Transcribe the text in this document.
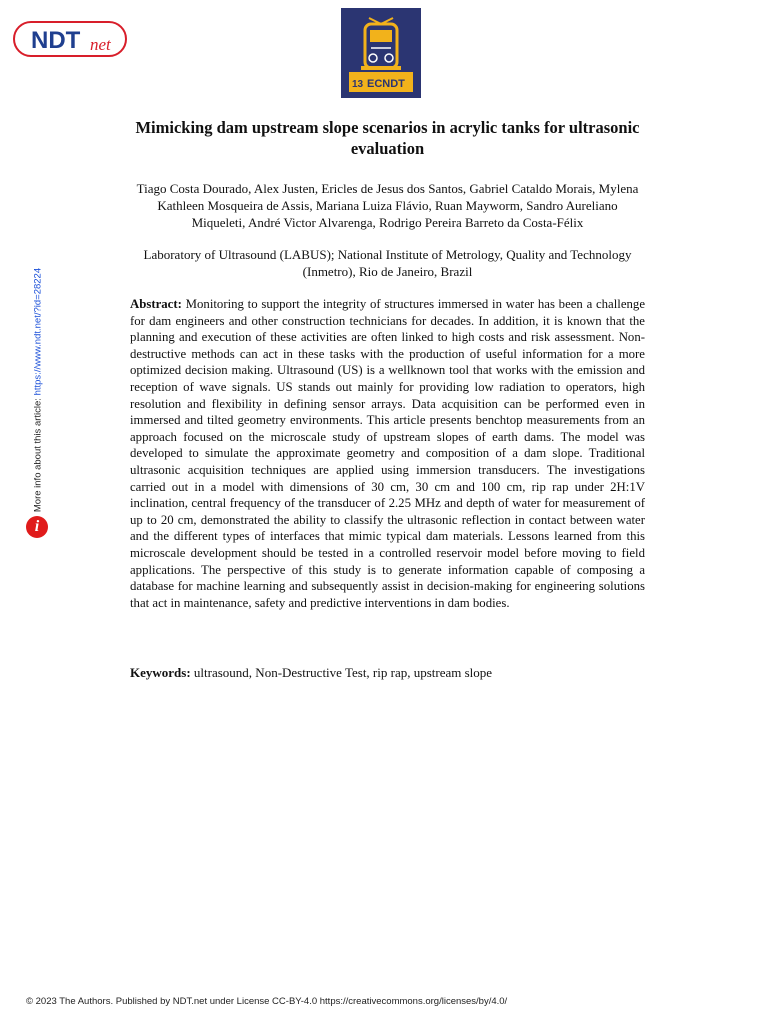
NDT net
13 ECNDT
More info about this article: https://www.ndt.net/?id=28224
i
Mimicking dam upstream slope scenarios in acrylic tanks for ultrasonic evaluation
Tiago Costa Dourado, Alex Justen, Ericles de Jesus dos Santos, Gabriel Cataldo Morais, Mylena Kathleen Mosqueira de Assis, Mariana Luiza Flávio, Ruan Mayworm, Sandro Aureliano Miqueleti, André Victor Alvarenga, Rodrigo Pereira Barreto da Costa-Félix
Laboratory of Ultrasound (LABUS); National Institute of Metrology, Quality and Technology (Inmetro), Rio de Janeiro, Brazil
Abstract: Monitoring to support the integrity of structures immersed in water has been a challenge for dam engineers and other construction technicians for decades. In addition, it is known that the planning and execution of these activities are often linked to high costs and risk assessment. Non-destructive methods can act in these tasks with the production of useful information for a more optimized decision making. Ultrasound (US) is a wellknown tool that works with the emission and reception of wave signals. US stands out mainly for providing low radiation to operators, high resolution and flexibility in defining sensor arrays. Data acquisition can be performed even in immersed and tilted geometry environments. This article presents benchtop measurements from an approach focused on the microscale study of upstream slopes of earth dams. The model was developed to simulate the approximate geometry and composition of a dam slope. Traditional ultrasonic acquisition techniques are applied using immersion transducers. The investigations carried out in a model with dimensions of 30 cm, 30 cm and 100 cm, rip rap under 2H:1V inclination, central frequency of the transducer of 2.25 MHz and depth of water for measurement of up to 20 cm, demonstrated the ability to classify the ultrasonic reflection in contact between water and the different types of interfaces that mimic typical dam materials. Lessons learned from this microscale development should be tested in a controlled reservoir model before moving to field applications. The perspective of this study is to generate information capable of composing a database for machine learning and subsequently assist in decision-making for engineering solutions that act in maintenance, safety and predictive interventions in dam bodies.
Keywords: ultrasound, Non-Destructive Test, rip rap, upstream slope
© 2023 The Authors. Published by NDT.net under License CC-BY-4.0 https://creativecommons.org/licenses/by/4.0/
